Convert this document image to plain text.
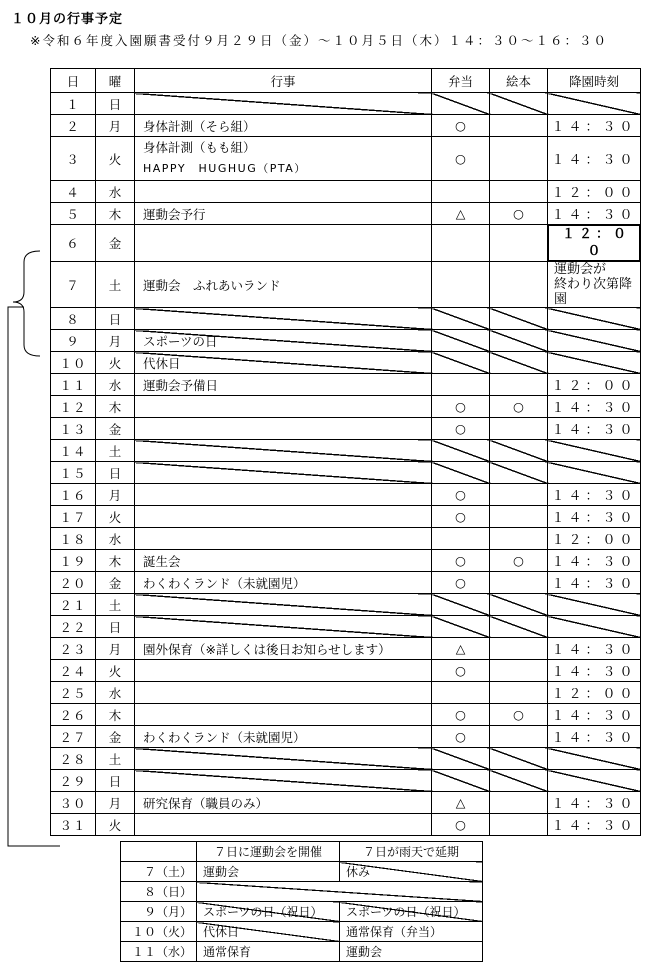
１０月の行事予定
※令和６年度入園願書受付９月２９日（金）～１０月５日（木）１４：３０～１６：３０
日	曜	行事	弁当	絵本	降園時刻
１	日				
２	月	身体計測（そら組）	○		１４：３０
３	火	身体計測（もも組）
HAPPY　HUGHUG（PTA）	○		１４：３０
４	水				１２：００
５	木	運動会予行	△	○	１４：３０
６	金				１２：００
７	土	運動会　ふれあいランド			運動会が
終わり次第降園

８	日				
９	月	スポーツの日			
１０	火	代休日			
１１	水	運動会予備日			１２：００
１２	木		○	○	１４：３０
１３	金		○		１４：３０
１４	土				
１５	日				
１６	月		○		１４：３０
１７	火		○		１４：３０
１８	水				１２：００
１９	木	誕生会	○	○	１４：３０
２０	金	わくわくランド（未就園児）	○		１４：３０
２１	土				
２２	日				
２３	月	園外保育（※詳しくは後日お知らせします）	△		１４：３０
２４	火		○		１４：３０
２５	水				１２：００
２６	木		○	○	１４：３０
２７	金	わくわくランド（未就園児）	○		１４：３０
２８	土				
２９	日				
３０	月	研究保育（職員のみ）	△		１４：３０
３１	火		○		１４：３０
	７日に運動会を開催	７日が雨天で延期
７（土）	運動会	休み
８（日）		
９（月）	スポーツの日（祝日）	スポーツの日（祝日）
１０（火）	代休日	通常保育（弁当）
１１（水）	通常保育	運動会
